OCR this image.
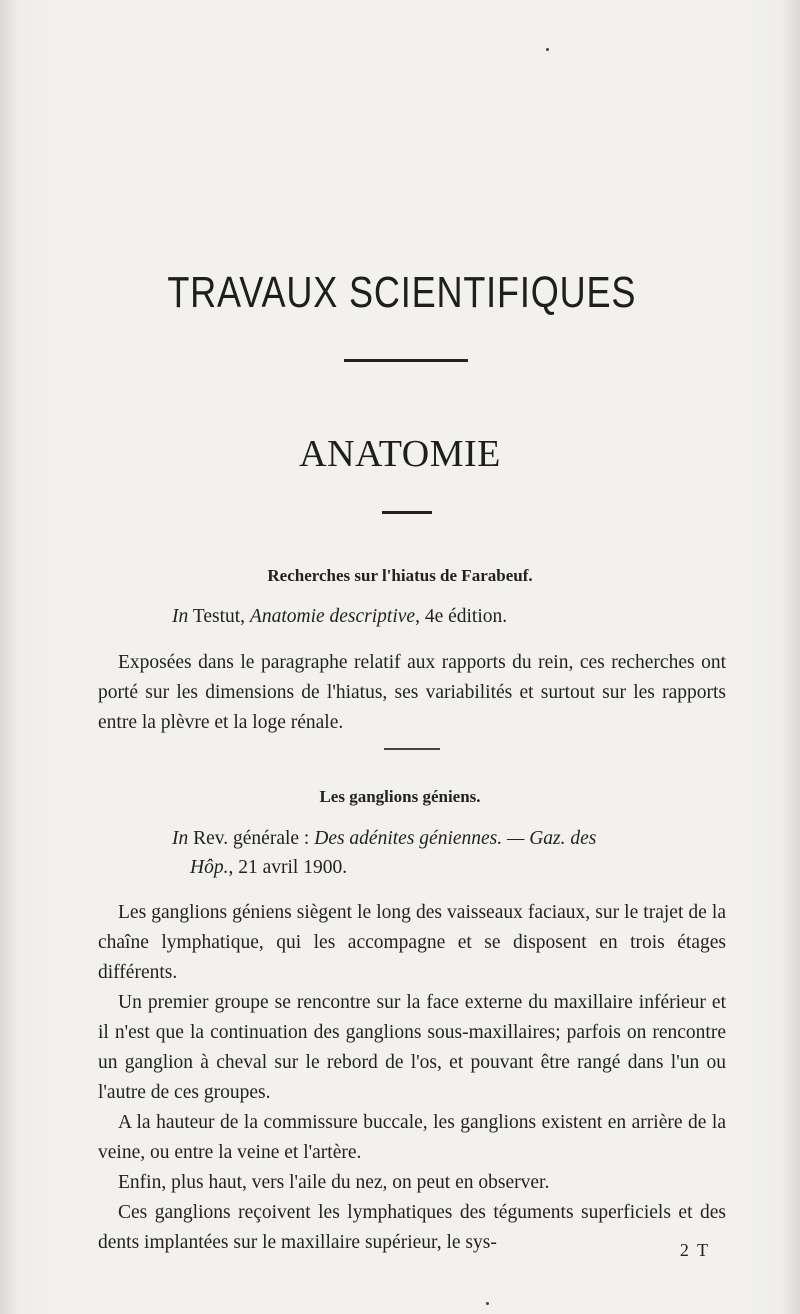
TRAVAUX SCIENTIFIQUES
ANATOMIE
Recherches sur l'hiatus de Farabeuf.
In Testut, Anatomie descriptive, 4e édition.
Exposées dans le paragraphe relatif aux rapports du rein, ces recherches ont porté sur les dimensions de l'hiatus, ses variabilités et surtout sur les rapports entre la plèvre et la loge rénale.
Les ganglions géniens.
In Rev. générale : Des adénites géniennes. — Gaz. des
Hôp., 21 avril 1900.
Les ganglions géniens siègent le long des vaisseaux faciaux, sur le trajet de la chaîne lymphatique, qui les accompagne et se disposent en trois étages différents.
Un premier groupe se rencontre sur la face externe du maxillaire inférieur et il n'est que la continuation des ganglions sous-maxillaires; parfois on rencontre un ganglion à cheval sur le rebord de l'os, et pouvant être rangé dans l'un ou l'autre de ces groupes.
A la hauteur de la commissure buccale, les ganglions existent en arrière de la veine, ou entre la veine et l'artère.
Enfin, plus haut, vers l'aile du nez, on peut en observer.
Ces ganglions reçoivent les lymphatiques des téguments superficiels et des dents implantées sur le maxillaire supérieur, le sys-	2 T
